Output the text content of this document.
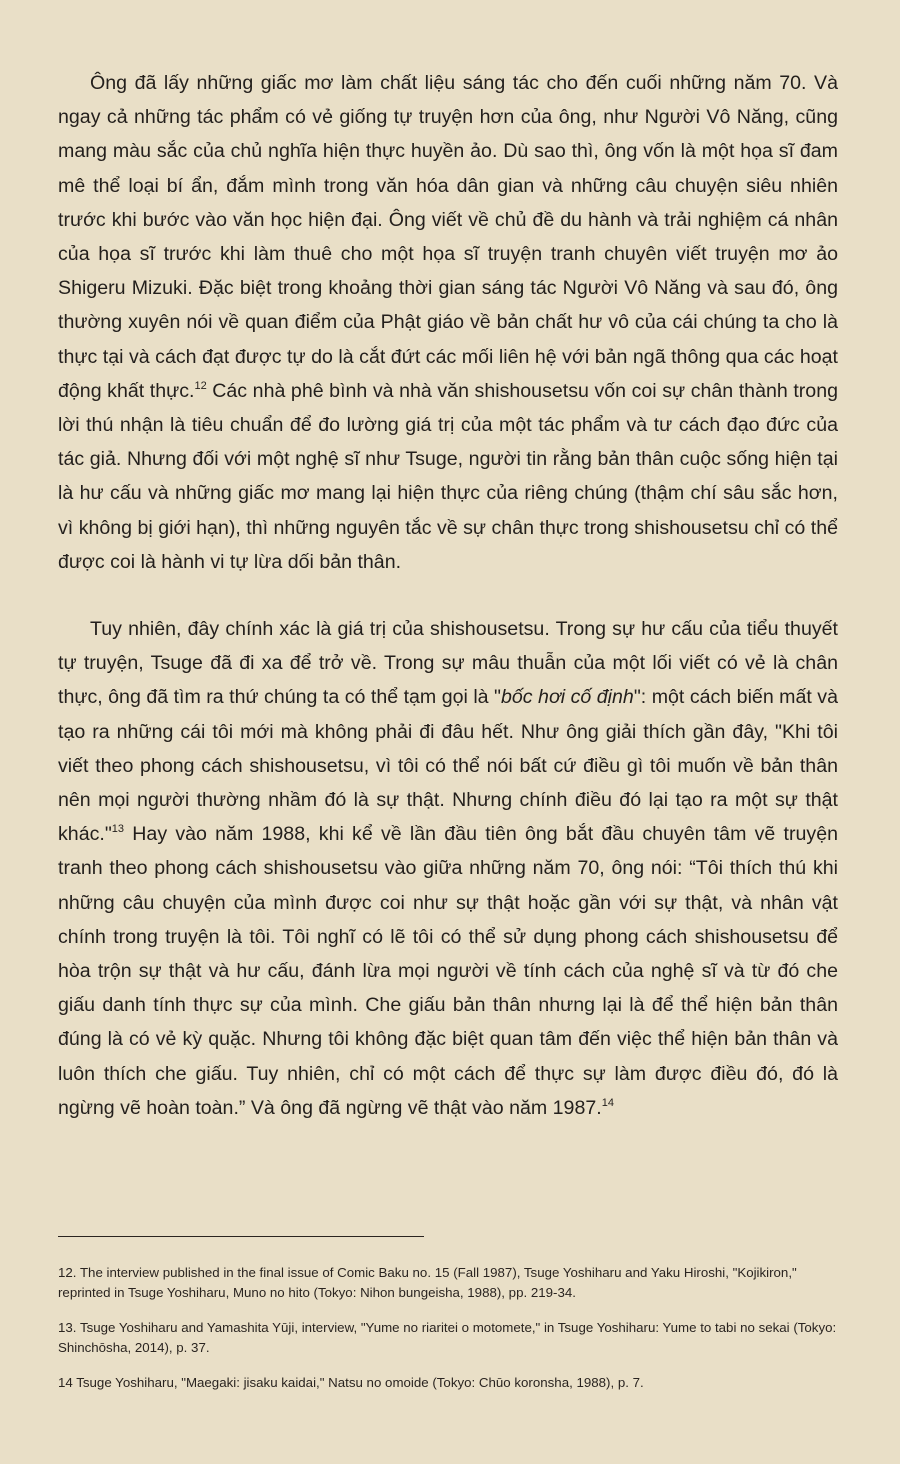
Ông đã lấy những giấc mơ làm chất liệu sáng tác cho đến cuối những năm 70. Và ngay cả những tác phẩm có vẻ giống tự truyện hơn của ông, như Người Vô Năng, cũng mang màu sắc của chủ nghĩa hiện thực huyền ảo. Dù sao thì, ông vốn là một họa sĩ đam mê thể loại bí ẩn, đắm mình trong văn hóa dân gian và những câu chuyện siêu nhiên trước khi bước vào văn học hiện đại. Ông viết về chủ đề du hành và trải nghiệm cá nhân của họa sĩ trước khi làm thuê cho một họa sĩ truyện tranh chuyên viết truyện mơ ảo Shigeru Mizuki. Đặc biệt trong khoảng thời gian sáng tác Người Vô Năng và sau đó, ông thường xuyên nói về quan điểm của Phật giáo về bản chất hư vô của cái chúng ta cho là thực tại và cách đạt được tự do là cắt đứt các mối liên hệ với bản ngã thông qua các hoạt động khất thực.$^{12}$ Các nhà phê bình và nhà văn shishousetsu vốn coi sự chân thành trong lời thú nhận là tiêu chuẩn để đo lường giá trị của một tác phẩm và tư cách đạo đức của tác giả. Nhưng đối với một nghệ sĩ như Tsuge, người tin rằng bản thân cuộc sống hiện tại là hư cấu và những giấc mơ mang lại hiện thực của riêng chúng (thậm chí sâu sắc hơn, vì không bị giới hạn), thì những nguyên tắc về sự chân thực trong shishousetsu chỉ có thể được coi là hành vi tự lừa dối bản thân.

Tuy nhiên, đây chính xác là giá trị của shishousetsu. Trong sự hư cấu của tiểu thuyết tự truyện, Tsuge đã đi xa để trở về. Trong sự mâu thuẫn của một lối viết có vẻ là chân thực, ông đã tìm ra thứ chúng ta có thể tạm gọi là "bốc hơi cố định": một cách biến mất và tạo ra những cái tôi mới mà không phải đi đâu hết. Như ông giải thích gần đây, "Khi tôi viết theo phong cách shishousetsu, vì tôi có thể nói bất cứ điều gì tôi muốn về bản thân nên mọi người thường nhầm đó là sự thật. Nhưng chính điều đó lại tạo ra một sự thật khác."$^{13}$ Hay vào năm 1988, khi kể về lần đầu tiên ông bắt đầu chuyên tâm vẽ truyện tranh theo phong cách shishousetsu vào giữa những năm 70, ông nói: “Tôi thích thú khi những câu chuyện của mình được coi như sự thật hoặc gần với sự thật, và nhân vật chính trong truyện là tôi. Tôi nghĩ có lẽ tôi có thể sử dụng phong cách shishousetsu để hòa trộn sự thật và hư cấu, đánh lừa mọi người về tính cách của nghệ sĩ và từ đó che giấu danh tính thực sự của mình. Che giấu bản thân nhưng lại là để thể hiện bản thân đúng là có vẻ kỳ quặc. Nhưng tôi không đặc biệt quan tâm đến việc thể hiện bản thân và luôn thích che giấu. Tuy nhiên, chỉ có một cách để thực sự làm được điều đó, đó là ngừng vẽ hoàn toàn.” Và ông đã ngừng vẽ thật vào năm 1987.14

12. The interview published in the final issue of Comic Baku no. 15 (Fall 1987), Tsuge Yoshiharu and Yaku Hiroshi, "Kojikiron," reprinted in Tsuge Yoshiharu, Muno no hito (Tokyo: Nihon bungeisha, 1988), pp. 219-34.

13. Tsuge Yoshiharu and Yamashita Yūji, interview, "Yume no riaritei o motomete," in Tsuge Yoshiharu: Yume to tabi no sekai (Tokyo: Shinchōsha, 2014), p. 37.

14 Tsuge Yoshiharu, "Maegaki: jisaku kaidai," Natsu no omoide (Tokyo: Chūo koronsha, 1988), p. 7.
